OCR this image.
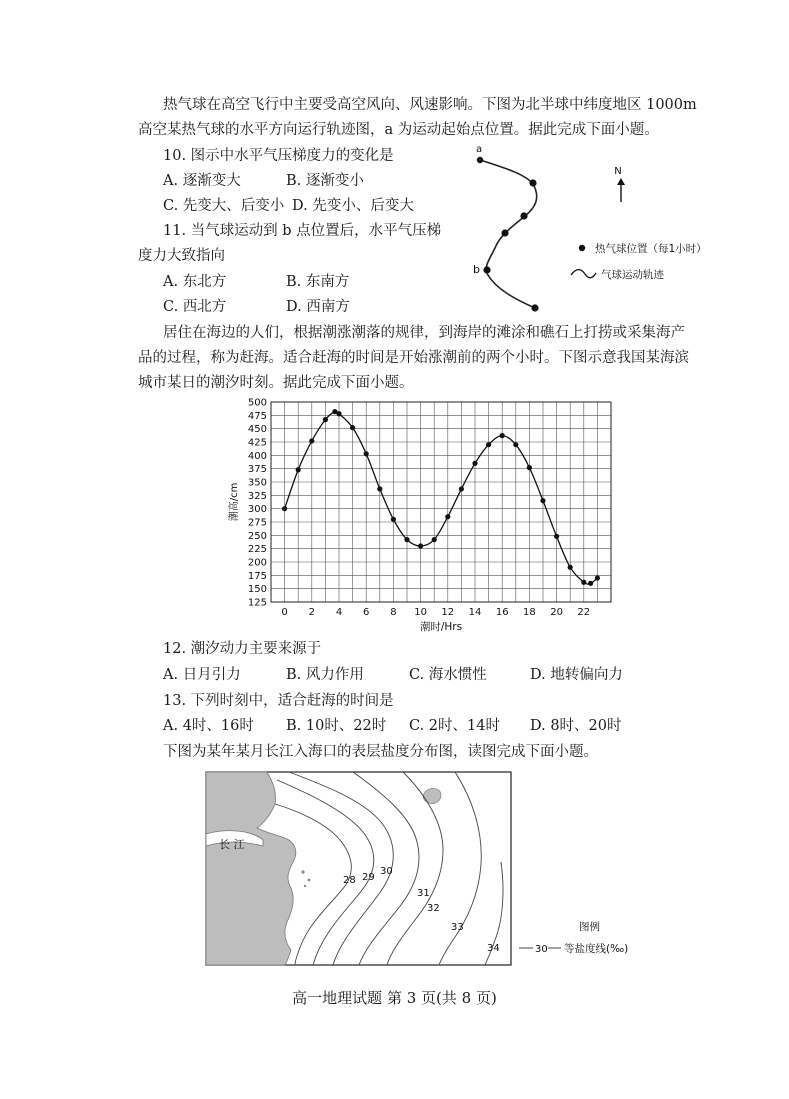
热气球在高空飞行中主要受高空风向、风速影响。下图为北半球中纬度地区 1000m
高空某热气球的水平方向运行轨迹图，a 为运动起始点位置。据此完成下面小题。
10. 图示中水平气压梯度力的变化是
A. 逐渐变大	B. 逐渐变小
C. 先变大、后变小 D. 先变小、后变大
11. 当气球运动到 b 点位置后，水平气压梯
度力大致指向
A. 东北方	B. 东南方
C. 西北方	D. 西南方
a
b
N
热气球位置（每1小时）
气球运动轨迹
居住在海边的人们，根据潮涨潮落的规律，到海岸的滩涂和礁石上打捞或采集海产
品的过程，称为赶海。适合赶海的时间是开始涨潮前的两个小时。下图示意我国某海滨
城市某日的潮汐时刻。据此完成下面小题。
125
150
175
200
225
250
275
300
325
350
375
400
425
450
475
500
0 2 4 6 8 10 12 14 16 18 20 22
潮高/cm
潮时/Hrs
12. 潮汐动力主要来源于
A. 日月引力	B. 风力作用	C. 海水惯性	D. 地转偏向力
13. 下列时刻中，适合赶海的时间是
A. 4时、16时 B. 10时、22时 C. 2时、14时 D. 8时、20时
下图为某年某月长江入海口的表层盐度分布图，读图完成下面小题。
长 江
28 29
30
31
32
33
34
图例
30 等盐度线(‰)
高一地理试题 第 3 页(共 8 页)
